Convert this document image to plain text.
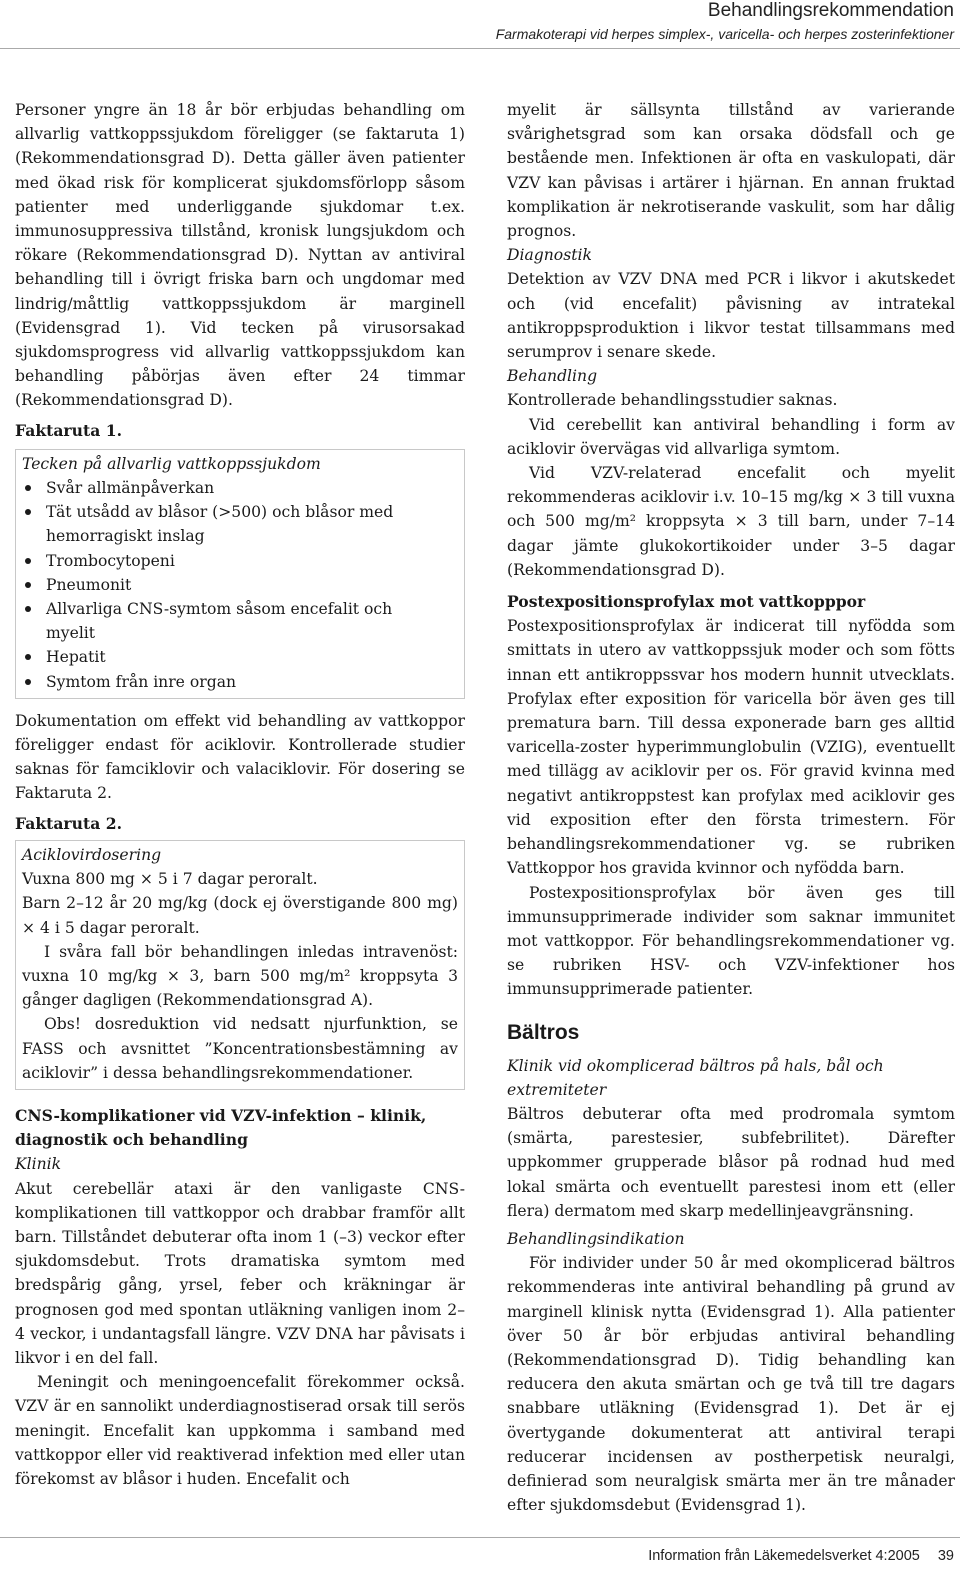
Behandlingsrekommendation
Farmakoterapi vid herpes simplex-, varicella- och herpes zosterinfektioner

Personer yngre än 18 år bör erbjudas behandling om allvarlig vattkoppssjukdom föreligger (se faktaruta 1) (Rekommendationsgrad D). Detta gäller även patienter med ökad risk för komplicerat sjukdomsförlopp såsom patienter med underliggande sjukdomar t.ex. immunosuppressiva tillstånd, kronisk lungsjukdom och rökare (Rekommendationsgrad D). Nyttan av antiviral behandling till i övrigt friska barn och ungdomar med lindrig/måttlig vattkoppssjukdom är marginell (Evidensgrad 1). Vid tecken på virusorsakad sjukdomsprogress vid allvarlig vattkoppssjukdom kan behandling påbörjas även efter 24 timmar (Rekommendationsgrad D).

Faktaruta 1.
Tecken på allvarlig vattkoppssjukdom
Svår allmänpåverkan
Tät utsådd av blåsor (>500) och blåsor med hemorragiskt inslag
Trombocytopeni
Pneumonit
Allvarliga CNS-symtom såsom encefalit och myelit
Hepatit
Symtom från inre organ

Dokumentation om effekt vid behandling av vattkoppor föreligger endast för aciklovir. Kontrollerade studier saknas för famciklovir och valaciklovir. För dosering se Faktaruta 2.

Faktaruta 2.
Aciklovirdosering

Vuxna 800 mg × 5 i 7 dagar peroralt.

Barn 2–12 år 20 mg/kg (dock ej överstigande 800 mg) × 4 i 5 dagar peroralt.

I svåra fall bör behandlingen inledas intravenöst: vuxna 10 mg/kg × 3, barn 500 mg/m² kroppsyta 3 gånger dagligen (Rekommendationsgrad A).

Obs! dosreduktion vid nedsatt njurfunktion, se FASS och avsnittet ”Koncentrationsbestämning av aciklovir” i dessa behandlingsrekommendationer.

CNS-komplikationer vid VZV-infektion – klinik, diagnostik och behandling
Klinik

Akut cerebellär ataxi är den vanligaste CNS-komplikationen till vattkoppor och drabbar framför allt barn. Tillståndet debuterar ofta inom 1 (–3) veckor efter sjukdomsdebut. Trots dramatiska symtom med bredspårig gång, yrsel, feber och kräkningar är prognosen god med spontan utläkning vanligen inom 2–4 veckor, i undantagsfall längre. VZV DNA har påvisats i likvor i en del fall.

Meningit och meningoencefalit förekommer också. VZV är en sannolikt underdiagnostiserad orsak till serös meningit. Encefalit kan uppkomma i samband med vattkoppor eller vid reaktiverad infektion med eller utan förekomst av blåsor i huden. Encefalit och

myelit är sällsynta tillstånd av varierande svårighetsgrad som kan orsaka dödsfall och ge bestående men. Infektionen är ofta en vaskulopati, där VZV kan påvisas i artärer i hjärnan. En annan fruktad komplikation är nekrotiserande vaskulit, som har dålig prognos.

Diagnostik

Detektion av VZV DNA med PCR i likvor i akutskedet och (vid encefalit) påvisning av intratekal antikroppsproduktion i likvor testat tillsammans med serumprov i senare skede.

Behandling

Kontrollerade behandlingsstudier saknas.

Vid cerebellit kan antiviral behandling i form av aciklovir övervägas vid allvarliga symtom.

Vid VZV-relaterad encefalit och myelit rekommenderas aciklovir i.v. 10–15 mg/kg × 3 till vuxna och 500 mg/m² kroppsyta × 3 till barn, under 7–14 dagar jämte glukokortikoider under 3–5 dagar (Rekommendationsgrad D).

Postexpositionsprofylax mot vattkopppor

Postexpositionsprofylax är indicerat till nyfödda som smittats in utero av vattkoppssjuk moder och som fötts innan ett antikroppssvar hos modern hunnit utvecklats. Profylax efter exposition för varicella bör även ges till prematura barn. Till dessa exponerade barn ges alltid varicella-zoster hyperimmunglobulin (VZIG), eventuellt med tillägg av aciklovir per os. För gravid kvinna med negativt antikroppstest kan profylax med aciklovir ges vid exposition efter den första trimestern. För behandlingsrekommendationer vg. se rubriken Vattkoppor hos gravida kvinnor och nyfödda barn.

Postexpositionsprofylax bör även ges till immunsupprimerade individer som saknar immunitet mot vattkoppor. För behandlingsrekommendationer vg. se rubriken HSV- och VZV-infektioner hos immunsupprimerade patienter.

Bältros
Klinik vid okomplicerad bältros på hals, bål och extremiteter

Bältros debuterar ofta med prodromala symtom (smärta, parestesier, subfebrilitet). Därefter uppkommer grupperade blåsor på rodnad hud med lokal smärta och eventuellt parestesi inom ett (eller flera) dermatom med skarp medellinjeavgränsning.

Behandlingsindikation

För individer under 50 år med okomplicerad bältros rekommenderas inte antiviral behandling på grund av marginell klinisk nytta (Evidensgrad 1). Alla patienter över 50 år bör erbjudas antiviral behandling (Rekommendationsgrad D). Tidig behandling kan reducera den akuta smärtan och ge två till tre dagars snabbare utläkning (Evidensgrad 1). Det är ej övertygande dokumenterat att antiviral terapi reducerar incidensen av postherpetisk neuralgi, definierad som neuralgisk smärta mer än tre månader efter sjukdomsdebut (Evidensgrad 1).

Information från Läkemedelsverket 4:2005 39
